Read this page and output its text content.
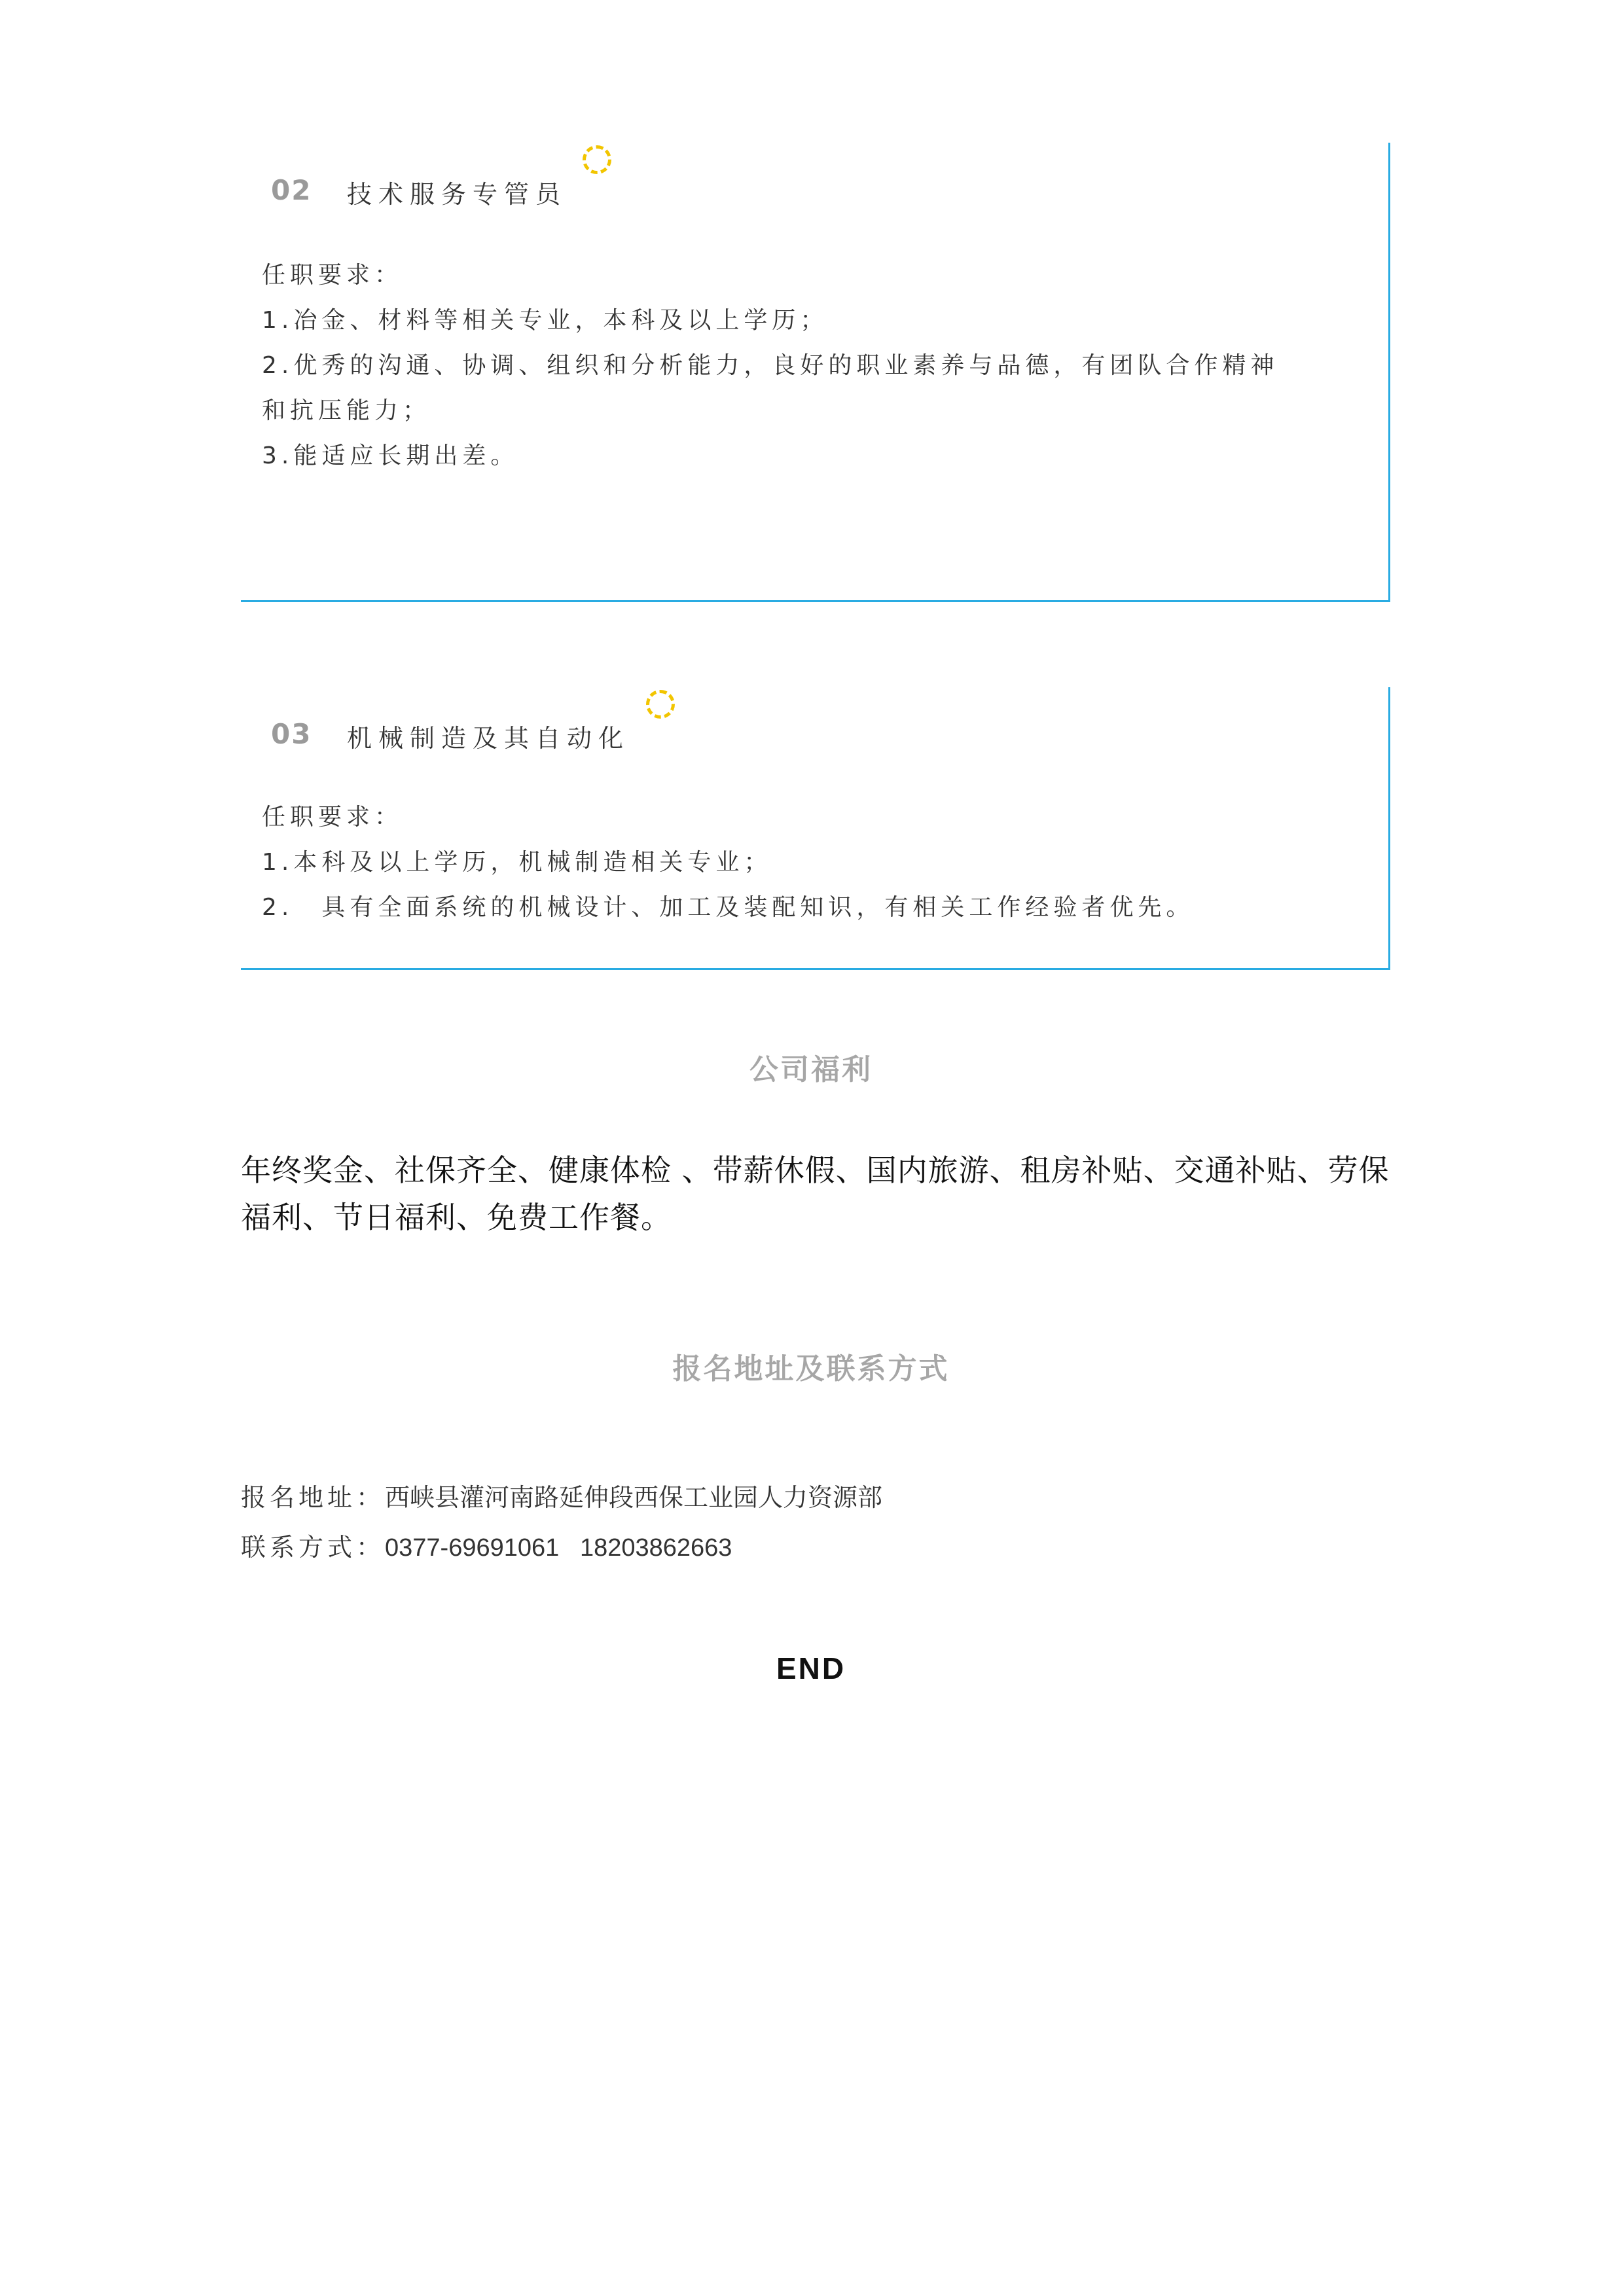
02 技术服务专管员
任职要求：
1.冶金、材料等相关专业，本科及以上学历；
2.优秀的沟通、协调、组织和分析能力，良好的职业素养与品德，有团队合作精神
和抗压能力；
3.能适应长期出差。
03 机械制造及其自动化
任职要求：
1.本科及以上学历，机械制造相关专业；
2.　具有全面系统的机械设计、加工及装配知识，有相关工作经验者优先。
公司福利

年终奖金、社保齐全、健康体检 、带薪休假、国内旅游、租房补贴、交通补贴、劳保福利、节日福利、免费工作餐。

报名地址及联系方式
报名地址：西峡县灌河南路延伸段西保工业园人力资源部
联系方式：0377-69691061   18203862663
END
